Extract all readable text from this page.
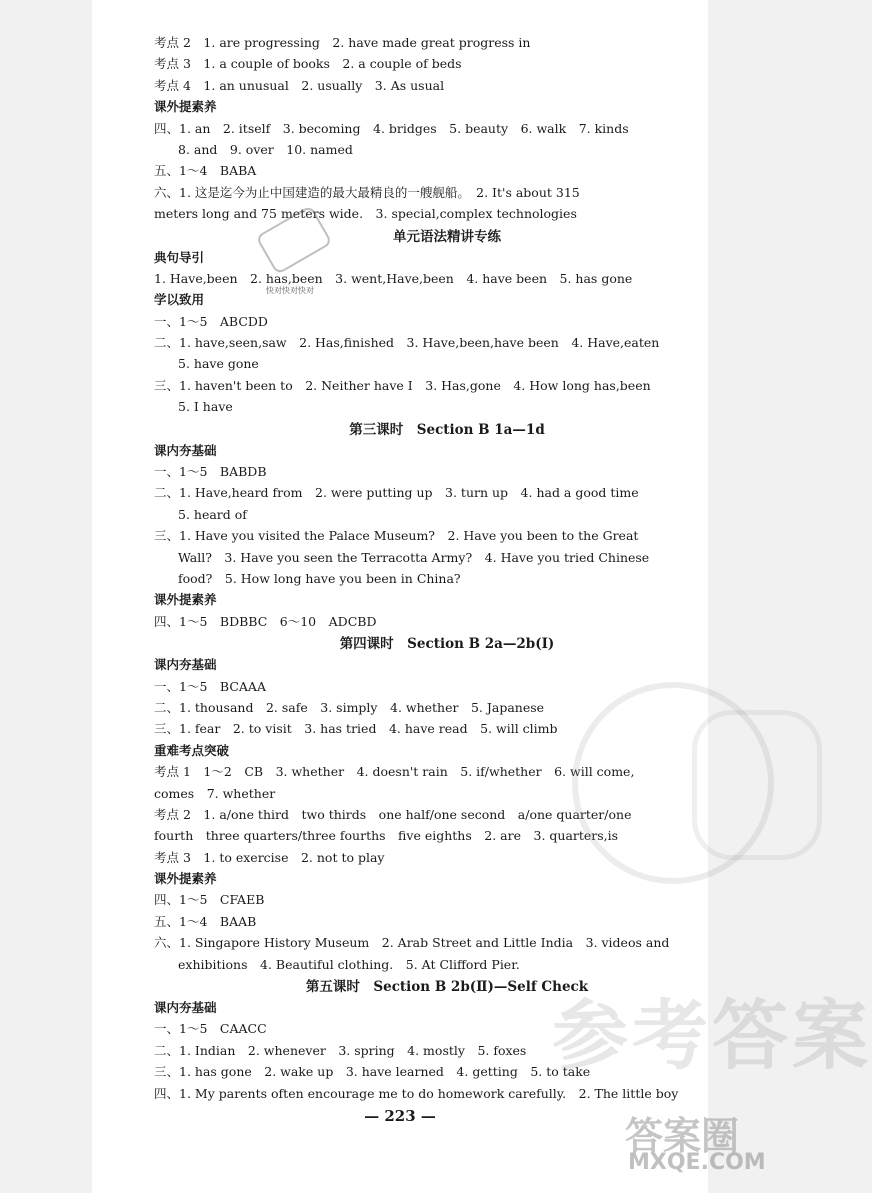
考点 2　1. are progressing　2. have made great progress in
考点 3　1. a couple of books　2. a couple of beds
考点 4　1. an unusual　2. usually　3. As usual
课外提素养
四、1. an　2. itself　3. becoming　4. bridges　5. beauty　6. walk　7. kinds
8. and　9. over　10. named
五、1～4　BABA
六、1. 这是迄今为止中国建造的最大最精良的一艘舰船。　2. It's about 315
meters long and 75 meters wide.　3. special,complex technologies
单元语法精讲专练
典句导引
1. Have,been　2. has,been　3. went,Have,been　4. have been　5. has gone
学以致用
一、1～5　ABCDD
二、1. have,seen,saw　2. Has,finished　3. Have,been,have been　4. Have,eaten
5. have gone
三、1. haven't been to　2. Neither have I　3. Has,gone　4. How long has,been
5. I have
第三课时　Section B 1a—1d
课内夯基础
一、1～5　BABDB
二、1. Have,heard from　2. were putting up　3. turn up　4. had a good time
5. heard of
三、1. Have you visited the Palace Museum?　2. Have you been to the Great
Wall?　3. Have you seen the Terracotta Army?　4. Have you tried Chinese
food?　5. How long have you been in China?
课外提素养
四、1～5　BDBBC　6～10　ADCBD
第四课时　Section B 2a—2b(Ⅰ)
课内夯基础
一、1～5　BCAAA
二、1. thousand　2. safe　3. simply　4. whether　5. Japanese
三、1. fear　2. to visit　3. has tried　4. have read　5. will climb
重难考点突破
考点 1　1～2　CB　3. whether　4. doesn't rain　5. if/whether　6. will come,
comes　7. whether
考点 2　1. a/one third　two thirds　one half/one second　a/one quarter/one
fourth　three quarters/three fourths　five eighths　2. are　3. quarters,is
考点 3　1. to exercise　2. not to play
课外提素养
四、1～5　CFAEB
五、1～4　BAAB
六、1. Singapore History Museum　2. Arab Street and Little India　3. videos and
exhibitions　4. Beautiful clothing.　5. At Clifford Pier.
第五课时　Section B 2b(Ⅱ)—Self Check
课内夯基础
一、1～5　CAACC
二、1. Indian　2. whenever　3. spring　4. mostly　5. foxes
三、1. has gone　2. wake up　3. have learned　4. getting　5. to take
四、1. My parents often encourage me to do homework carefully.　2. The little boy
— 223 —
快对快对快对
参考答案
答案圈
MXQE.COM
